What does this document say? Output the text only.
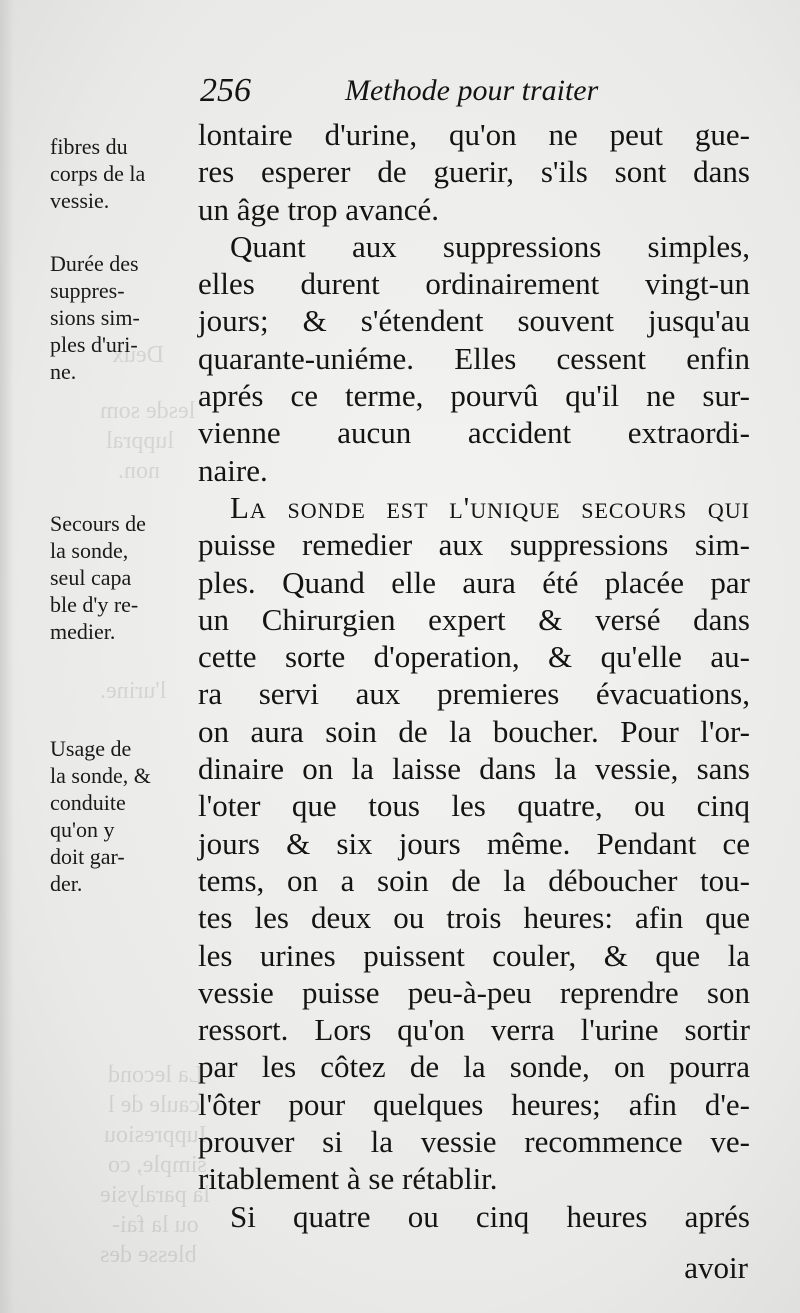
Deux
lesde som
luppral
non.
l'urine.
La lecond
caule de l
Iuppresiou
simple, co
la paralysie
ou la fai-
blesse des
256	Methode pour traiter
fibres du
corps de la
vessie.
Durée des
suppres-
sions sim-
ples d'uri-
ne.
Secours de
la sonde,
seul capa
ble d'y re-
medier.
Usage de
la sonde, &
conduite
qu'on y
doit gar-
der.
lontaire d'urine, qu'on ne peut gue-
res esperer de guerir, s'ils sont dans
un âge trop avancé.
Quant aux suppressions simples,
elles durent ordinairement vingt-un
jours; & s'étendent souvent jusqu'au
quarante-uniéme. Elles cessent enfin
aprés ce terme, pourvû qu'il ne sur-
vienne aucun accident extraordi-
naire.
La sonde est l'unique secours qui
puisse remedier aux suppressions sim-
ples. Quand elle aura été placée par
un Chirurgien expert & versé dans
cette sorte d'operation, & qu'elle au-
ra servi aux premieres évacuations,
on aura soin de la boucher. Pour l'or-
dinaire on la laisse dans la vessie, sans
l'oter que tous les quatre, ou cinq
jours & six jours même. Pendant ce
tems, on a soin de la déboucher tou-
tes les deux ou trois heures: afin que
les urines puissent couler, & que la
vessie puisse peu-à-peu reprendre son
ressort. Lors qu'on verra l'urine sortir
par les côtez de la sonde, on pourra
l'ôter pour quelques heures; afin d'e-
prouver si la vessie recommence ve-
ritablement à se rétablir.
Si quatre ou cinq heures aprés
avoir
